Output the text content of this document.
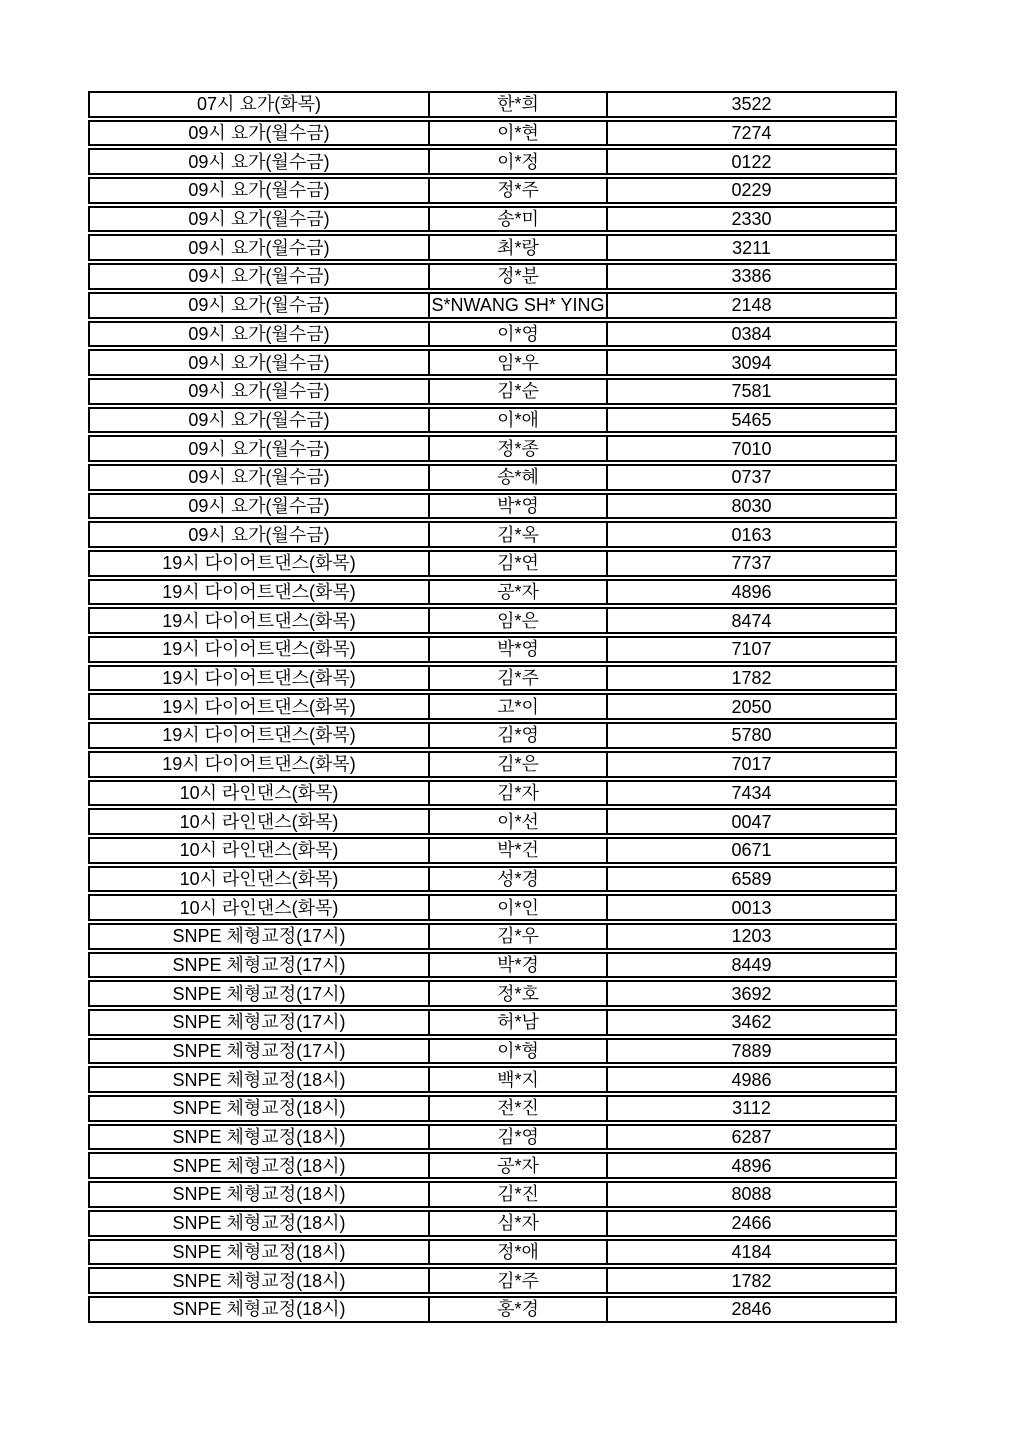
07시 요가(화목)	한*희	3522
09시 요가(월수금)	이*현	7274
09시 요가(월수금)	이*정	0122
09시 요가(월수금)	정*주	0229
09시 요가(월수금)	송*미	2330
09시 요가(월수금)	최*랑	3211
09시 요가(월수금)	정*분	3386
09시 요가(월수금)	S*NWANG SH* YING	2148
09시 요가(월수금)	이*영	0384
09시 요가(월수금)	임*우	3094
09시 요가(월수금)	김*순	7581
09시 요가(월수금)	이*애	5465
09시 요가(월수금)	정*종	7010
09시 요가(월수금)	송*혜	0737
09시 요가(월수금)	박*영	8030
09시 요가(월수금)	김*옥	0163
19시 다이어트댄스(화목)	김*연	7737
19시 다이어트댄스(화목)	공*자	4896
19시 다이어트댄스(화목)	임*은	8474
19시 다이어트댄스(화목)	박*영	7107
19시 다이어트댄스(화목)	김*주	1782
19시 다이어트댄스(화목)	고*이	2050
19시 다이어트댄스(화목)	김*영	5780
19시 다이어트댄스(화목)	김*은	7017
10시 라인댄스(화목)	김*자	7434
10시 라인댄스(화목)	이*선	0047
10시 라인댄스(화목)	박*건	0671
10시 라인댄스(화목)	성*경	6589
10시 라인댄스(화목)	이*인	0013
SNPE 체형교정(17시)	김*우	1203
SNPE 체형교정(17시)	박*경	8449
SNPE 체형교정(17시)	정*호	3692
SNPE 체형교정(17시)	허*남	3462
SNPE 체형교정(17시)	이*형	7889
SNPE 체형교정(18시)	백*지	4986
SNPE 체형교정(18시)	전*진	3112
SNPE 체형교정(18시)	김*영	6287
SNPE 체형교정(18시)	공*자	4896
SNPE 체형교정(18시)	김*진	8088
SNPE 체형교정(18시)	심*자	2466
SNPE 체형교정(18시)	정*애	4184
SNPE 체형교정(18시)	김*주	1782
SNPE 체형교정(18시)	홍*경	2846
